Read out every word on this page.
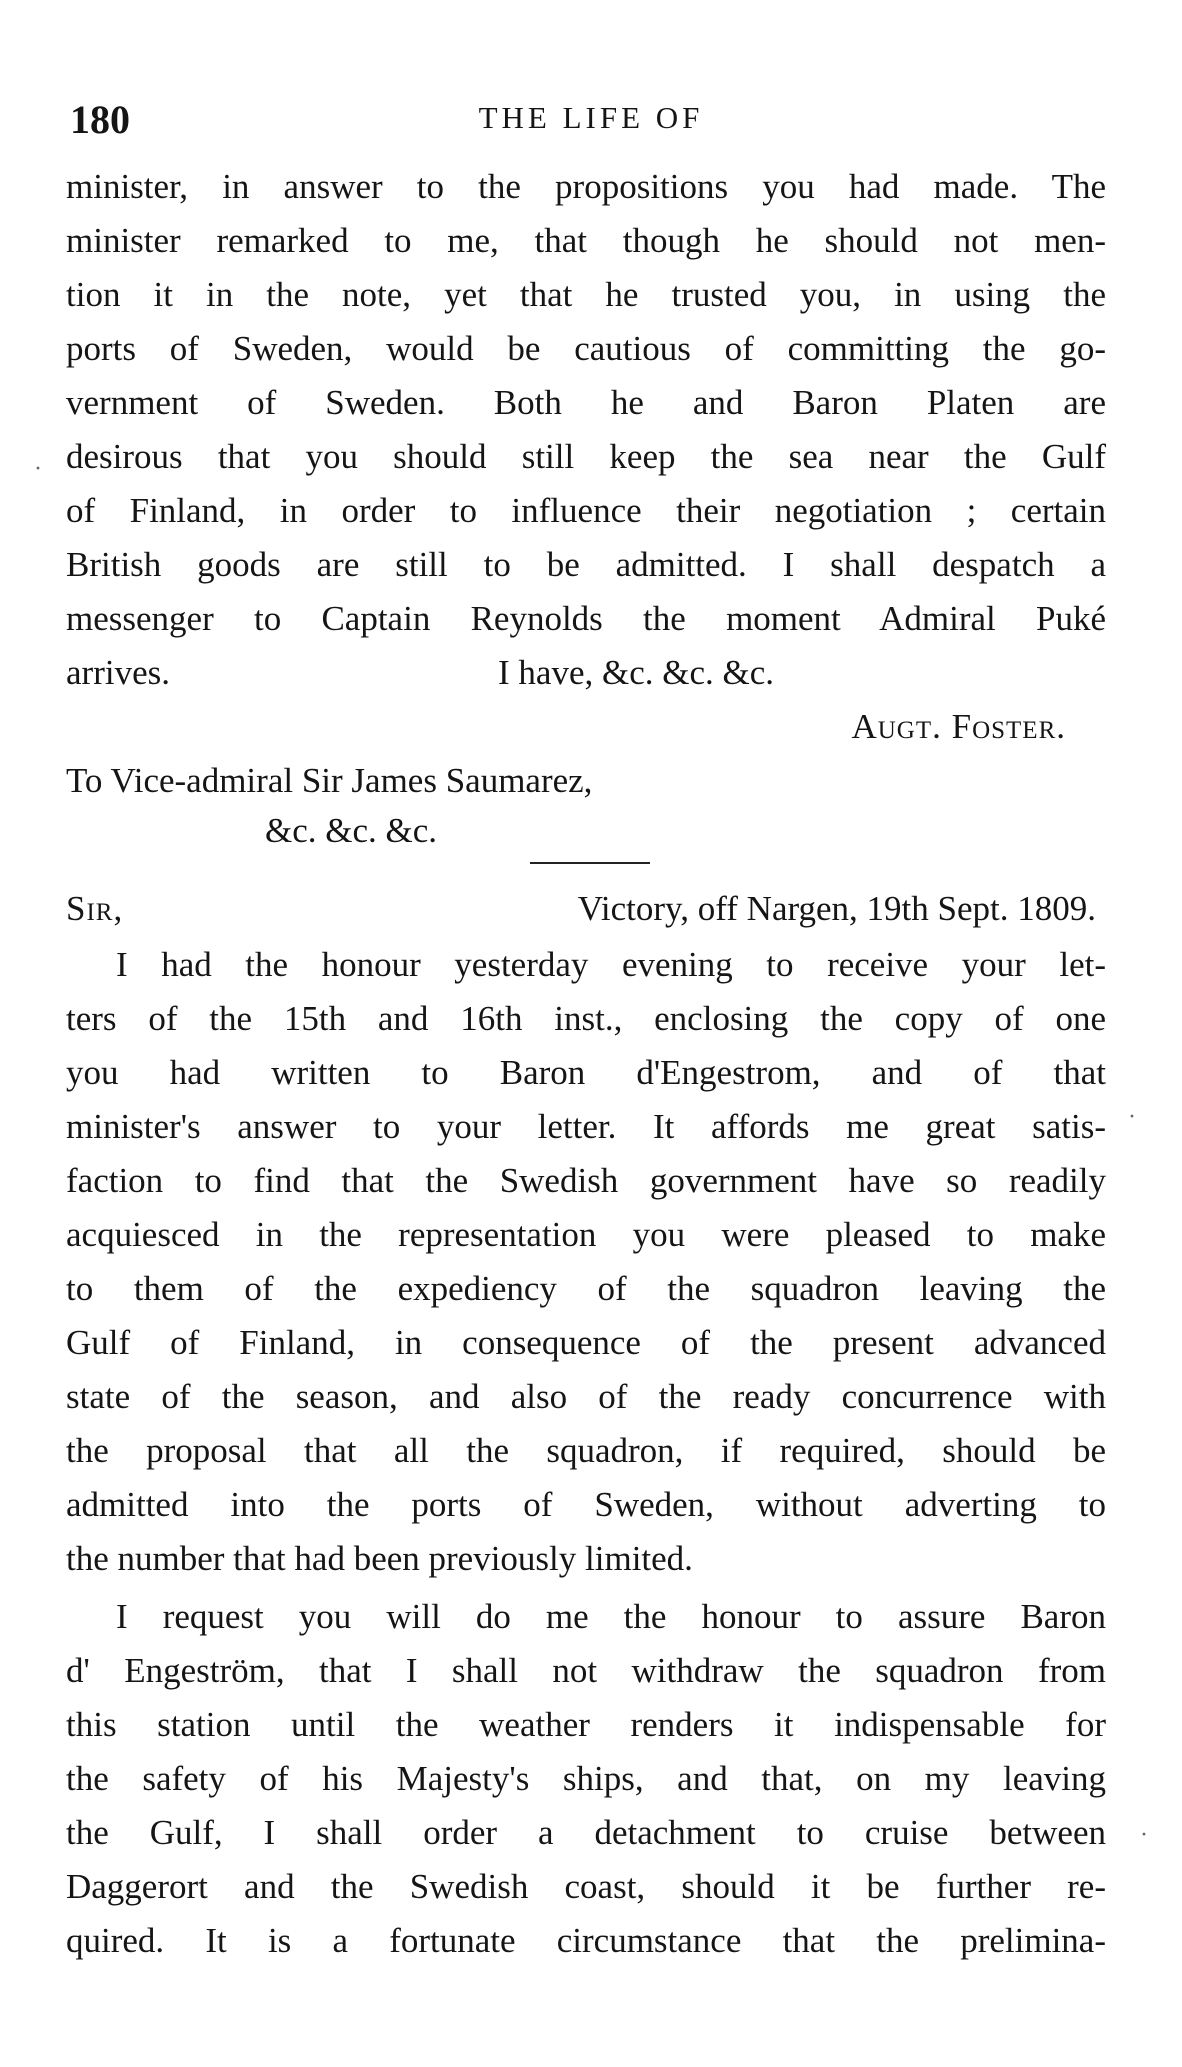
180	THE LIFE OF
minister, in answer to the propositions you had made. The
minister remarked to me, that though he should not men-
tion it in the note, yet that he trusted you, in using the
ports of Sweden, would be cautious of committing the go-
vernment of Sweden. Both he and Baron Platen are
desirous that you should still keep the sea near the Gulf
of Finland, in order to influence their negotiation ; certain
British goods are still to be admitted. I shall despatch a
messenger to Captain Reynolds the moment Admiral Puké
arrives.	I have, &c. &c. &c.
Augt. Foster.
To Vice-admiral Sir James Saumarez,
&c. &c. &c.
Sir,	Victory, off Nargen, 19th Sept. 1809.
I had the honour yesterday evening to receive your let-
ters of the 15th and 16th inst., enclosing the copy of one
you had written to Baron d'Engestrom, and of that
minister's answer to your letter. It affords me great satis-
faction to find that the Swedish government have so readily
acquiesced in the representation you were pleased to make
to them of the expediency of the squadron leaving the
Gulf of Finland, in consequence of the present advanced
state of the season, and also of the ready concurrence with
the proposal that all the squadron, if required, should be
admitted into the ports of Sweden, without adverting to
the number that had been previously limited.
I request you will do me the honour to assure Baron
d' Engeström, that I shall not withdraw the squadron from
this station until the weather renders it indispensable for
the safety of his Majesty's ships, and that, on my leaving
the Gulf, I shall order a detachment to cruise between
Daggerort and the Swedish coast, should it be further re-
quired. It is a fortunate circumstance that the prelimina-
·
·
·
